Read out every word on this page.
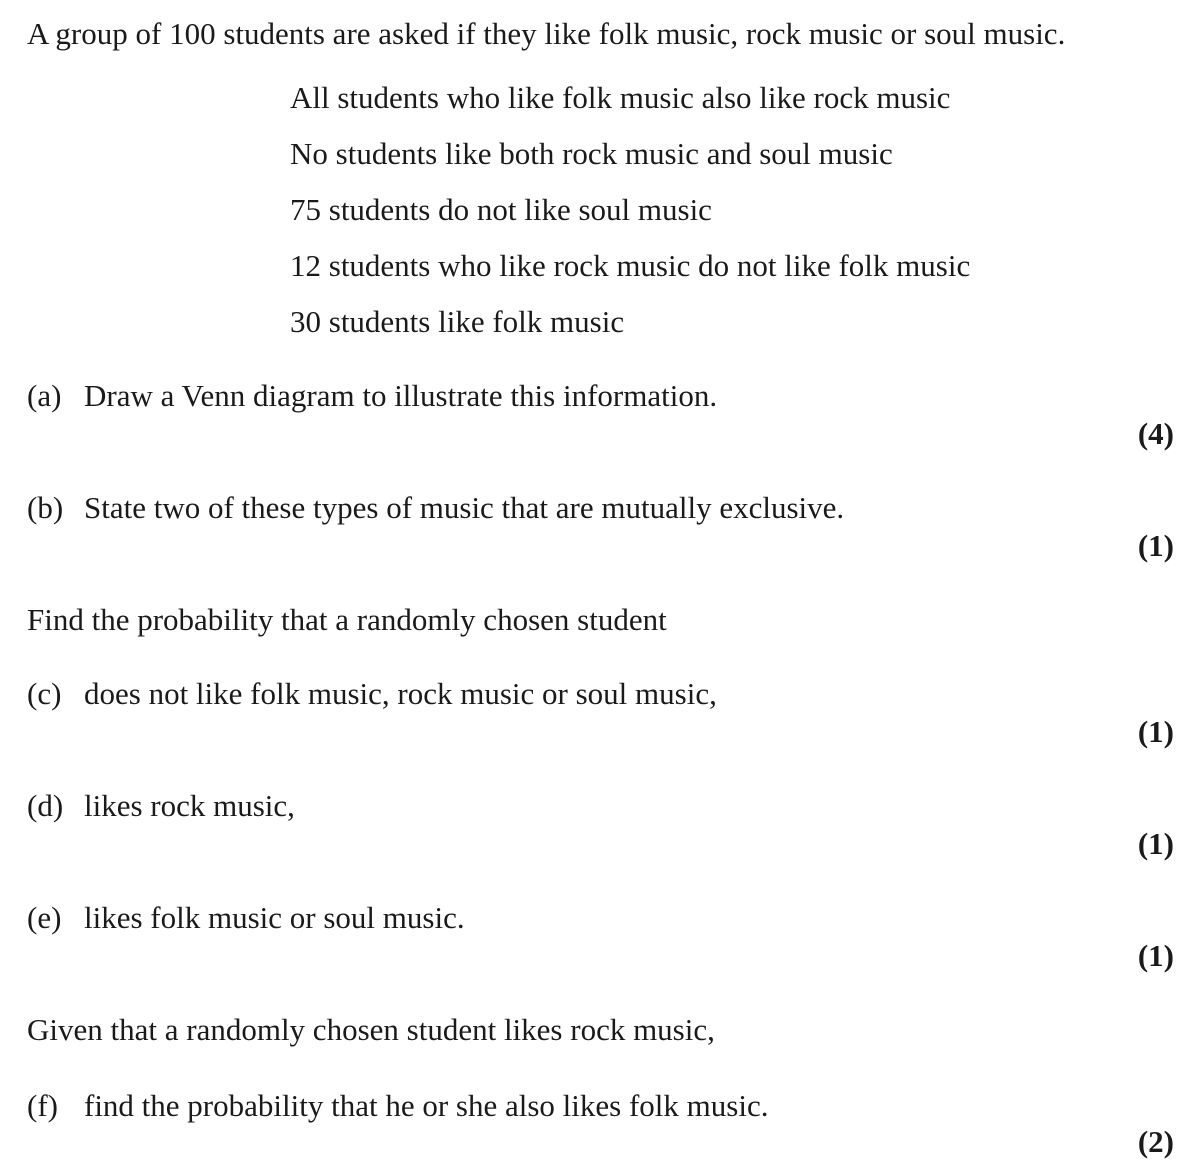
A group of 100 students are asked if they like folk music, rock music or soul music.
All students who like folk music also like rock music
No students like both rock music and soul music
75 students do not like soul music
12 students who like rock music do not like folk music
30 students like folk music
(a) Draw a Venn diagram to illustrate this information.
(4)
(b) State two of these types of music that are mutually exclusive.
(1)
Find the probability that a randomly chosen student
(c) does not like folk music, rock music or soul music,
(1)
(d) likes rock music,
(1)
(e) likes folk music or soul music.
(1)
Given that a randomly chosen student likes rock music,
(f) find the probability that he or she also likes folk music.
(2)
